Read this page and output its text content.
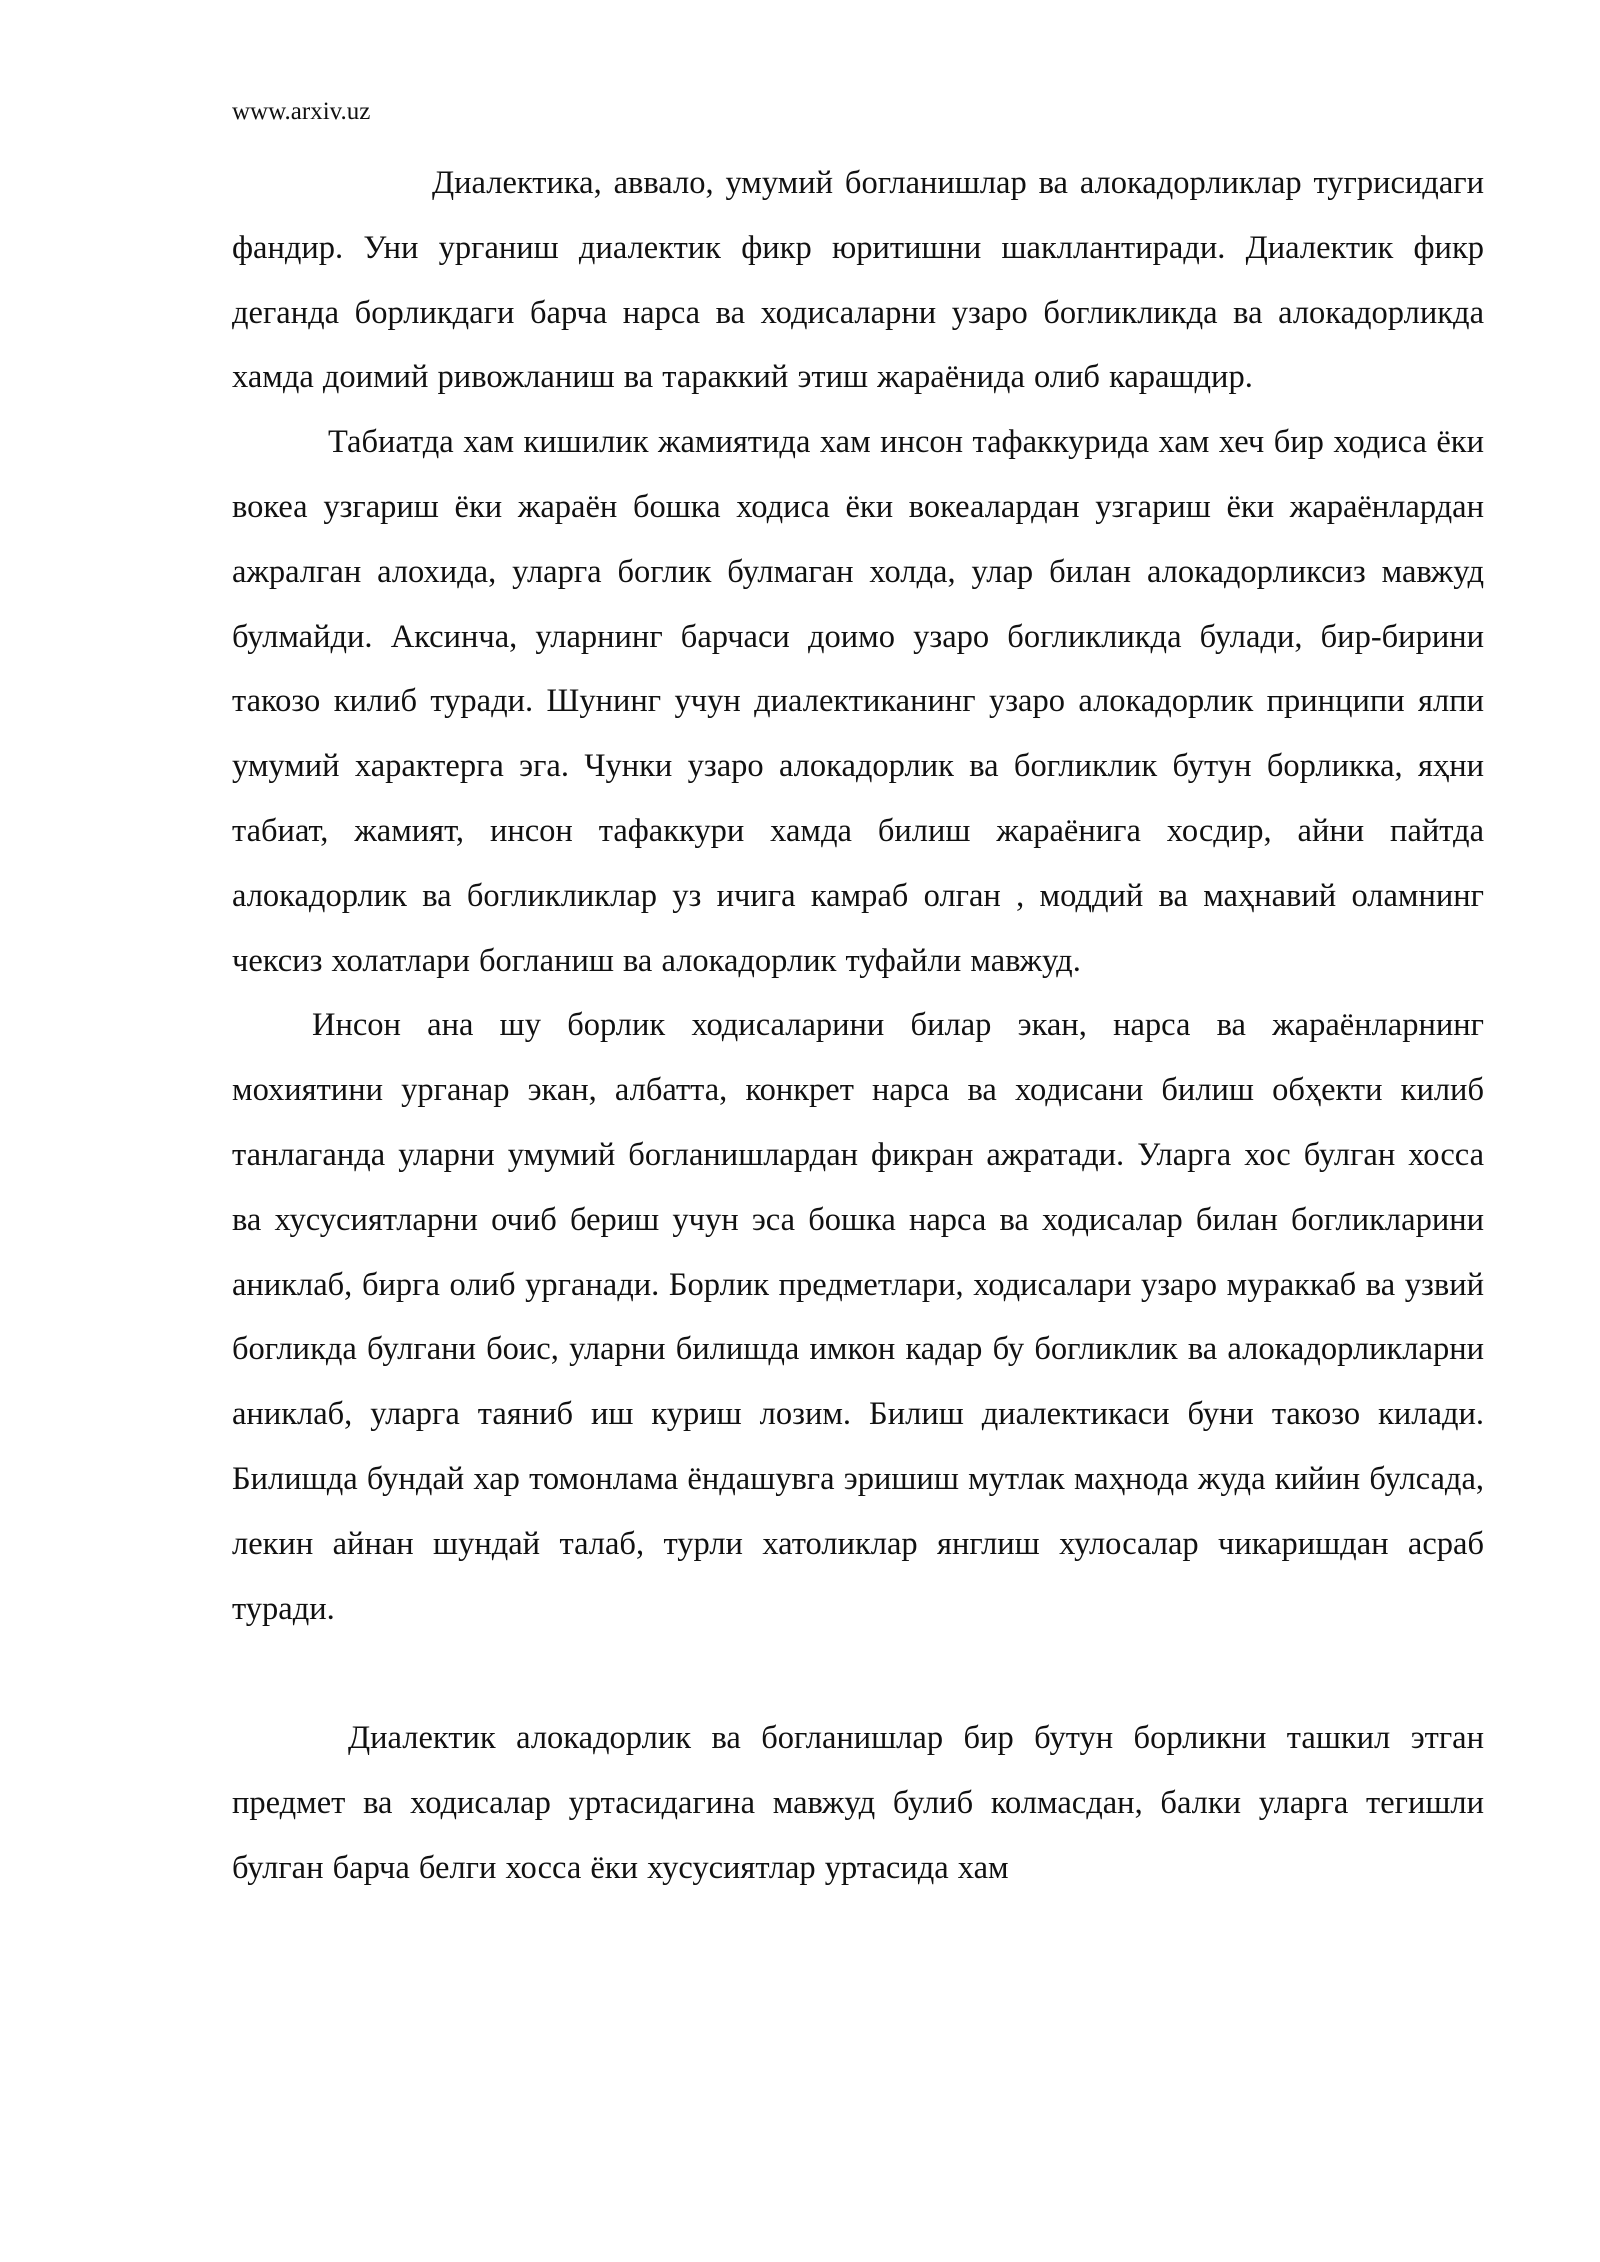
www.arxiv.uz

Диалектика, аввало, умумий богланишлар ва алокадорликлар тугрисидаги фандир. Уни урганиш диалектик фикр юритишни шакллантиради. Диалектик фикр деганда борликдаги барча нарса ва ходисаларни узаро богликликда ва алокадорликда хамда доимий ривожланиш ва тараккий этиш жараёнида олиб карашдир.

Табиатда хам кишилик жамиятида хам инсон тафаккурида хам хеч бир ходиса ёки вокеа узгариш ёки жараён бошка ходиса ёки вокеалардан узгариш ёки жараёнлардан ажралган алохида, уларга боглик булмаган холда, улар билан алокадорликсиз мавжуд булмайди. Аксинча, уларнинг барчаси доимо узаро богликликда булади, бир-бирини такозо килиб туради. Шунинг учун диалектиканинг узаро алокадорлик принципи ялпи умумий характерга эга. Чунки узаро алокадорлик ва богликлик бутун борликка, яҳни табиат, жамият, инсон тафаккури хамда билиш жараёнига хосдир, айни пайтда алокадорлик ва богликликлар уз ичига камраб олган , моддий ва маҳнавий оламнинг чексиз холатлари богланиш ва алокадорлик туфайли мавжуд.

Инсон ана шу борлик ходисаларини билар экан, нарса ва жараёнларнинг мохиятини урганар экан, албатта, конкрет нарса ва ходисани билиш обҳекти килиб танлаганда уларни умумий богланишлардан фикран ажратади. Уларга хос булган хосса ва хусусиятларни очиб бериш учун эса бошка нарса ва ходисалар билан богликларини аниклаб, бирга олиб урганади. Борлик предметлари, ходисалари узаро мураккаб ва узвий богликда булгани боис, уларни билишда имкон кадар бу богликлик ва алокадорликларни аниклаб, уларга таяниб иш куриш лозим. Билиш диалектикаси буни такозо килади. Билишда бундай хар томонлама ёндашувга эришиш мутлак маҳнода жуда кийин булсада, лекин айнан шундай талаб, турли хатоликлар янглиш хулосалар чикаришдан асраб туради.

Диалектик алокадорлик ва богланишлар бир бутун борликни ташкил этган предмет ва ходисалар уртасидагина мавжуд булиб колмасдан, балки уларга тегишли булган барча белги хосса ёки хусусиятлар уртасида хам
